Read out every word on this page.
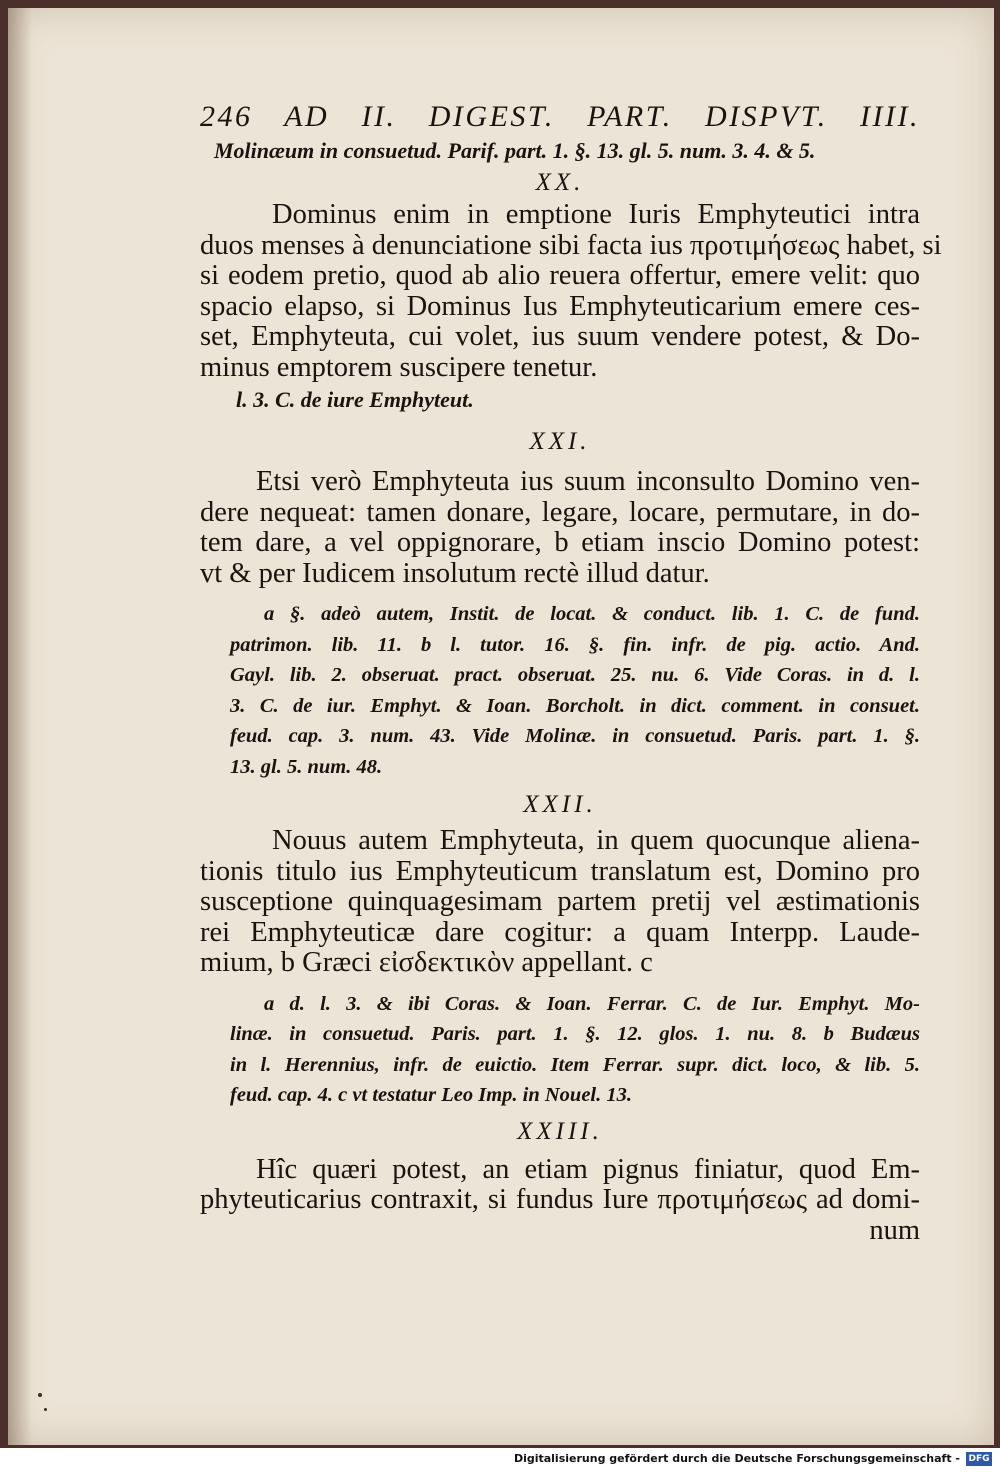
246 AD II. DIGEST. PART. DISPVT. IIII.
Molinæum in consuetud. Parif. part. 1. §. 13. gl. 5. num. 3. 4. & 5.
XX.
Dominus enim in emptione Iuris Emphyteutici intra
duos menses à denunciatione sibi facta ius προτιμήσεως habet, si
si eodem pretio, quod ab alio reuera offertur, emere velit: quo
spacio elapso, si Dominus Ius Emphyteuticarium emere ces-
set, Emphyteuta, cui volet, ius suum vendere potest, & Do-
minus emptorem suscipere tenetur.
l. 3. C. de iure Emphyteut.
XXI.
Etsi verò Emphyteuta ius suum inconsulto Domino ven-
dere nequeat: tamen donare, legare, locare, permutare, in do-
tem dare, a vel oppignorare, b etiam inscio Domino potest:
vt & per Iudicem insolutum rectè illud datur.
a §. adeò autem, Instit. de locat. & conduct. lib. 1. C. de fund.
patrimon. lib. 11. b l. tutor. 16. §. fin. infr. de pig. actio. And.
Gayl. lib. 2. obseruat. pract. obseruat. 25. nu. 6. Vide Coras. in d. l.
3. C. de iur. Emphyt. & Ioan. Borcholt. in dict. comment. in consuet.
feud. cap. 3. num. 43. Vide Molinæ. in consuetud. Paris. part. 1. §.
13. gl. 5. num. 48.
XXII.
Nouus autem Emphyteuta, in quem quocunque aliena-
tionis titulo ius Emphyteuticum translatum est, Domino pro
susceptione quinquagesimam partem pretij vel æstimationis
rei Emphyteuticæ dare cogitur: a quam Interpp. Laude-
mium, b Græci εἰσδεκτικὸν appellant. c
a d. l. 3. & ibi Coras. & Ioan. Ferrar. C. de Iur. Emphyt. Mo-
linæ. in consuetud. Paris. part. 1. §. 12. glos. 1. nu. 8. b Budæus
in l. Herennius, infr. de euictio. Item Ferrar. supr. dict. loco, & lib. 5.
feud. cap. 4. c vt testatur Leo Imp. in Nouel. 13.
XXIII.
Hîc quæri potest, an etiam pignus finiatur, quod Em-
phyteuticarius contraxit, si fundus Iure προτιμήσεως ad domi-
num
Digitalisierung gefördert durch die Deutsche Forschungsgemeinschaft - DFG
